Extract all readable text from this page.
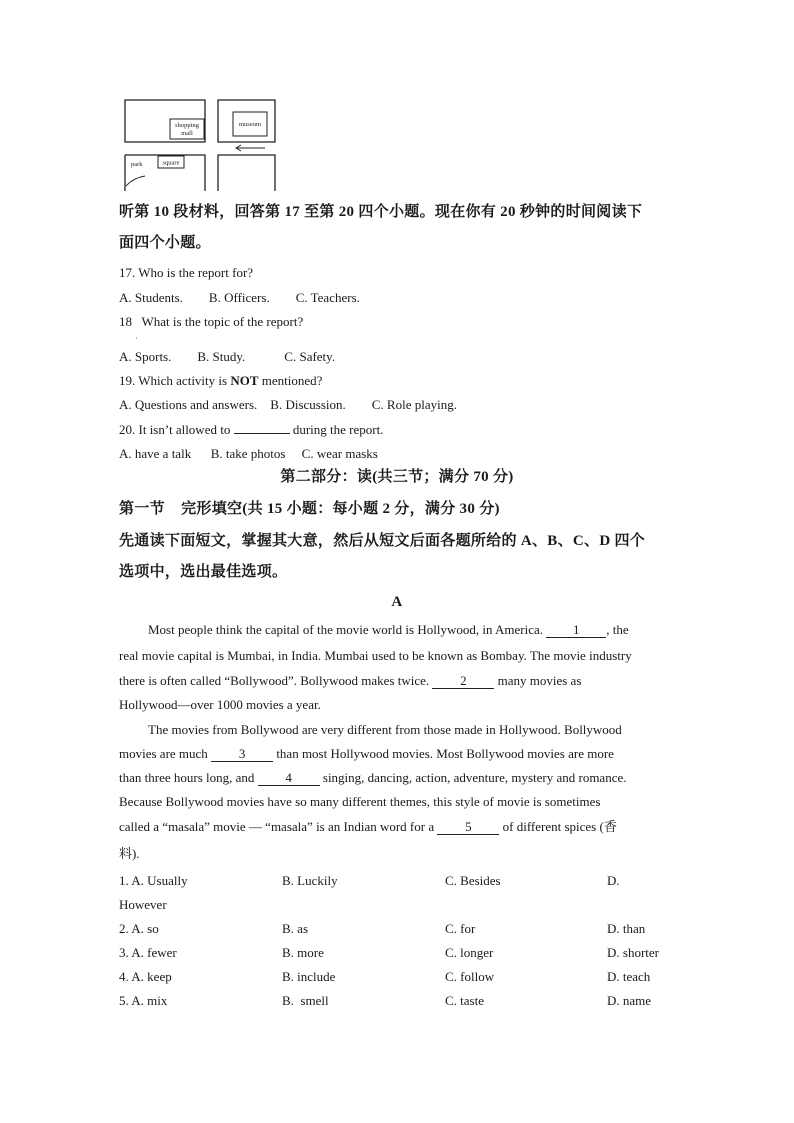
shopping
mall
museum
park	square
听第 10 段材料，回答第 17 至第 20 四个小题。现在你有 20 秒钟的时间阅读下
面四个小题。
17. Who is the report for?
A. Students.        B. Officers.        C. Teachers.
18   What is the topic of the report?
·
A. Sports.        B. Study.            C. Safety.
19. Which activity is NOT mentioned?
A. Questions and answers.    B. Discussion.        C. Role playing.
20. It isn’t allowed to	during the report.
A. have a talk      B. take photos     C. wear masks
第二部分：读(共三节；满分 70 分)
第一节    完形填空(共 15 小题：每小题 2 分，满分 30 分)
先通读下面短文，掌握其大意，然后从短文后面各题所给的 A、B、C、D 四个
选项中，选出最佳选项。
A
Most people think the capital of the movie world is Hollywood, in America. 1 , the
real movie capital is Mumbai, in India. Mumbai used to be known as Bombay. The movie industry
there is often called “Bollywood”. Bollywood makes twice. 2 many movies as
Hollywood—over 1000 movies a year.
The movies from Bollywood are very different from those made in Hollywood. Bollywood
movies are much 3 than most Hollywood movies. Most Bollywood movies are more
than three hours long, and 4 singing, dancing, action, adventure, mystery and romance.
Because Bollywood movies have so many different themes, this style of movie is sometimes
called a “masala” movie — “masala” is an Indian word for a 5 of different spices (香
料).
1. A. Usually	B. Luckily	C. Besides	D.
However
2. A. so	B. as	C. for	D. than
3. A. fewer	B. more	C. longer	D. shorter
4. A. keep	B. include	C. follow	D. teach
5. A. mix	B.  smell	C. taste	D. name
